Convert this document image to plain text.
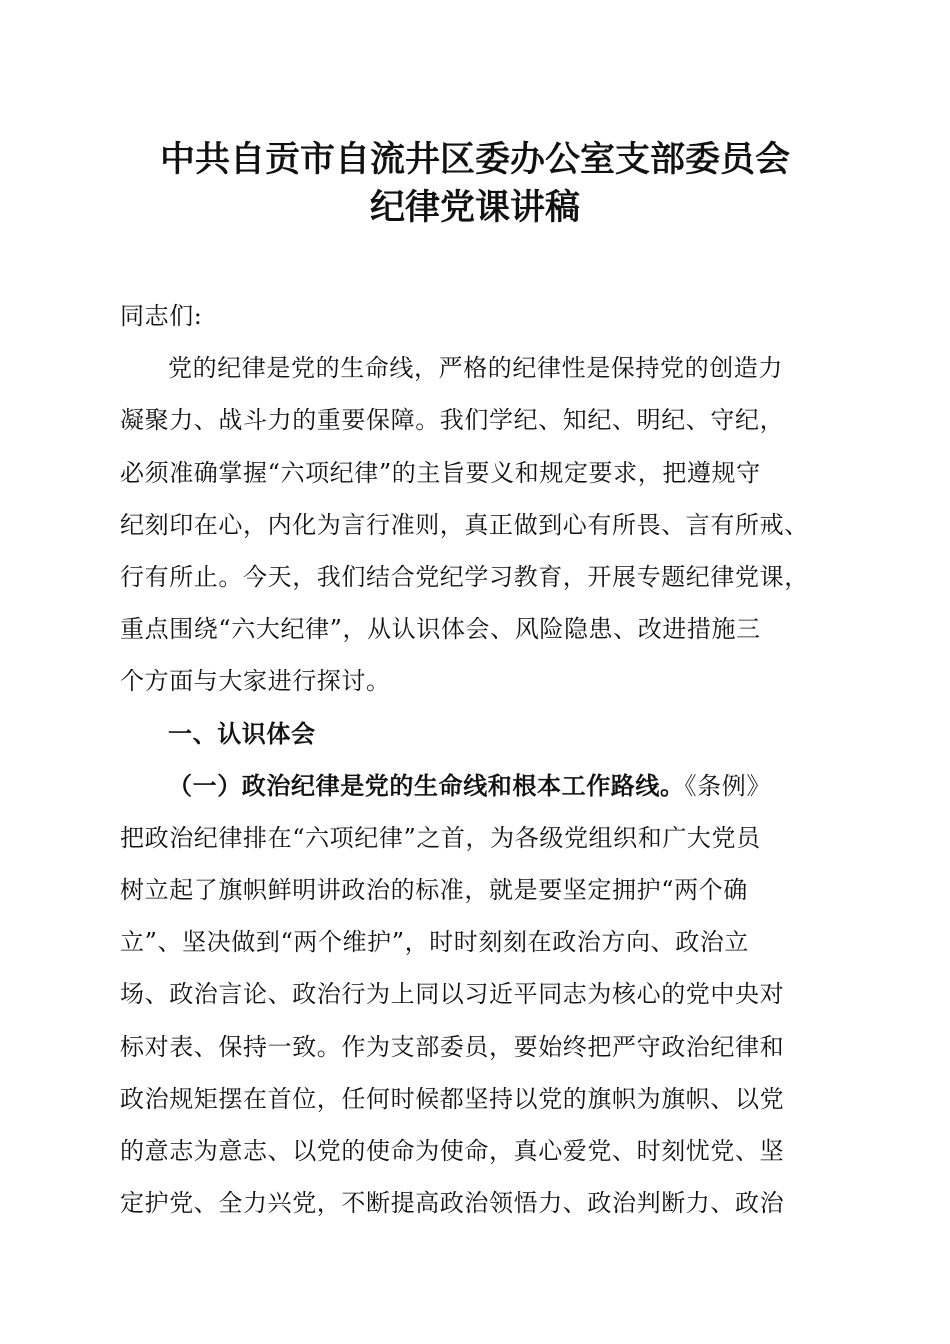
中共自贡市自流井区委办公室支部委员会
纪律党课讲稿
同志们:
党的纪律是党的生命线，严格的纪律性是保持党的创造力
凝聚力、战斗力的重要保障。我们学纪、知纪、明纪、守纪，
必须准确掌握“六项纪律”的主旨要义和规定要求，把遵规守
纪刻印在心，内化为言行准则，真正做到心有所畏、言有所戒、
行有所止。今天，我们结合党纪学习教育，开展专题纪律党课，
重点围绕“六大纪律”，从认识体会、风险隐患、改进措施三
个方面与大家进行探讨。
一、认识体会
（一）政治纪律是党的生命线和根本工作路线。《条例》
把政治纪律排在“六项纪律”之首，为各级党组织和广大党员
树立起了旗帜鲜明讲政治的标准，就是要坚定拥护“两个确
立”、坚决做到“两个维护”，时时刻刻在政治方向、政治立
场、政治言论、政治行为上同以习近平同志为核心的党中央对
标对表、保持一致。作为支部委员，要始终把严守政治纪律和
政治规矩摆在首位，任何时候都坚持以党的旗帜为旗帜、以党
的意志为意志、以党的使命为使命，真心爱党、时刻忧党、坚
定护党、全力兴党，不断提高政治领悟力、政治判断力、政治
